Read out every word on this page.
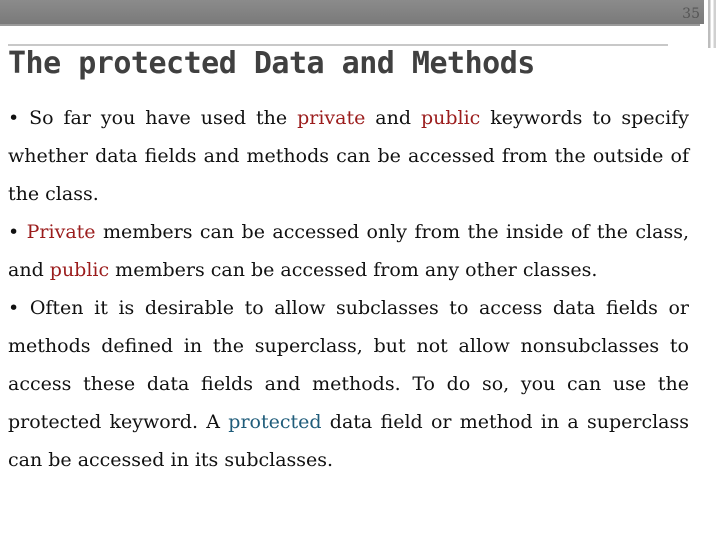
35
The protected Data and Methods

• So far you have used the private and public keywords to specify whether data fields and methods can be accessed from the outside of the class.

• Private members can be accessed only from the inside of the class, and public members can be accessed from any other classes.

• Often it is desirable to allow subclasses to access data fields or methods defined in the superclass, but not allow nonsubclasses to access these data fields and methods. To do so, you can use the protected keyword. A protected data field or method in a superclass can be accessed in its subclasses.
